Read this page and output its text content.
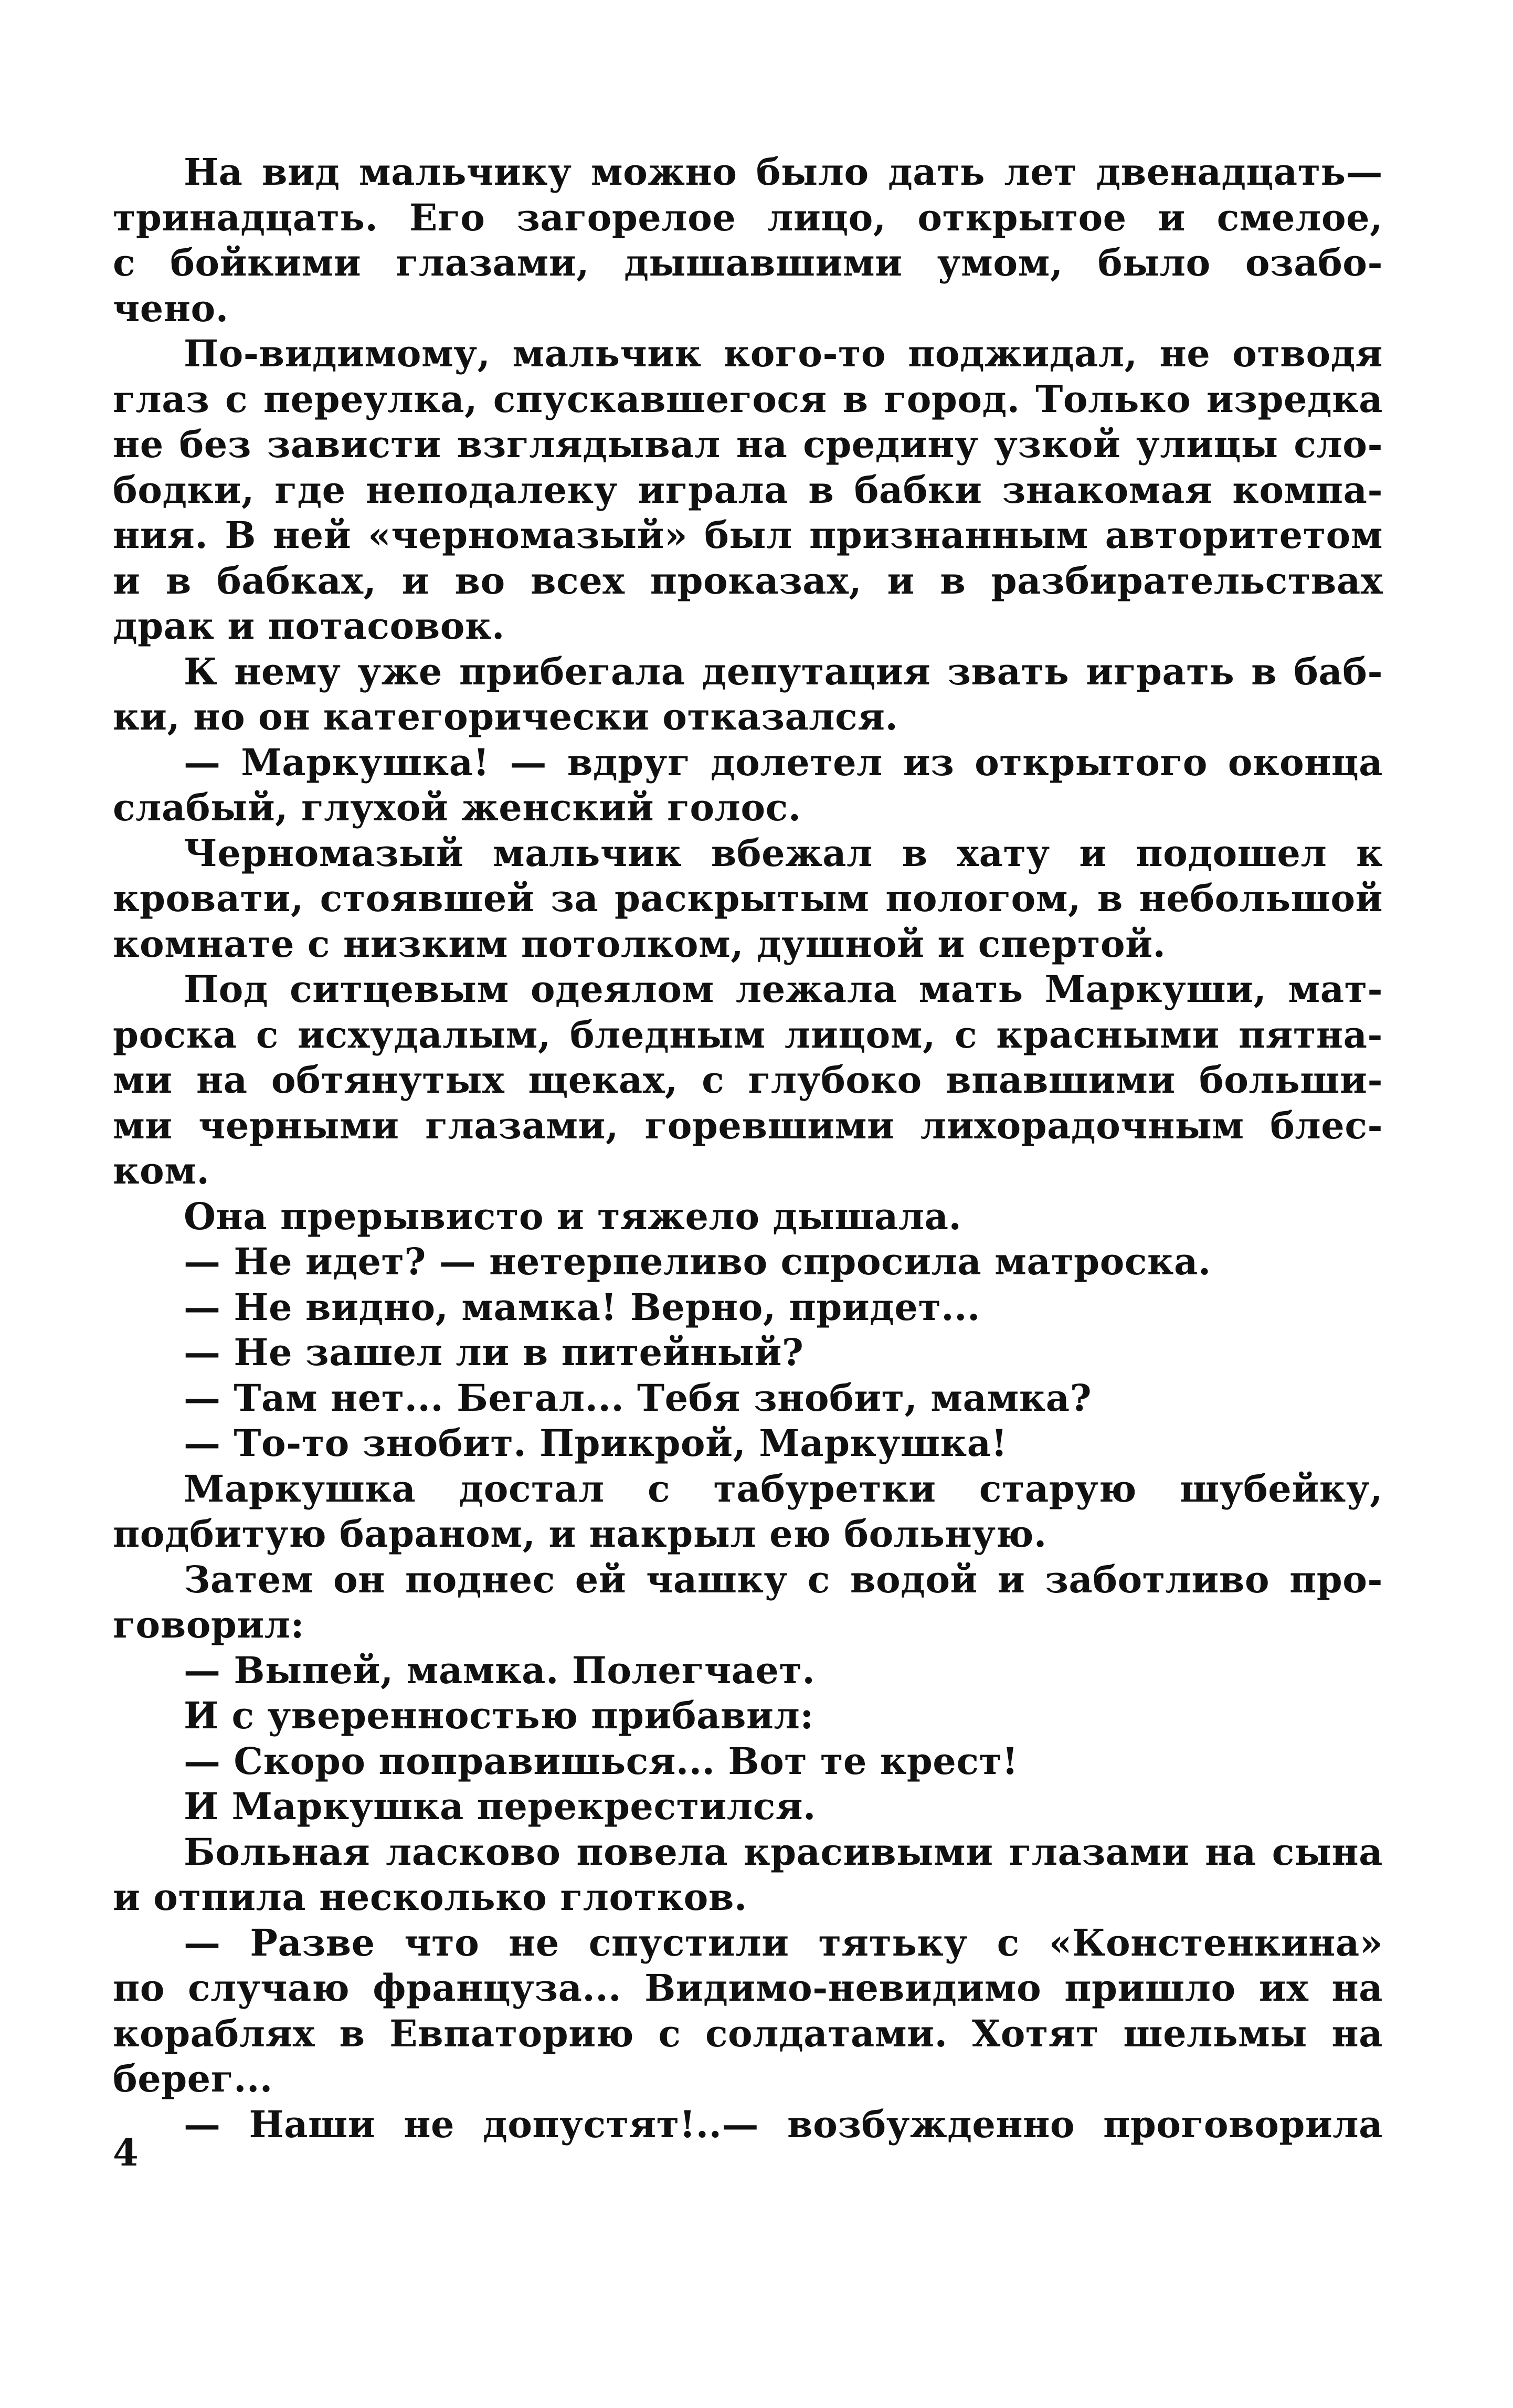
На вид мальчику можно было дать лет двенадцать—
тринадцать. Его загорелое лицо, открытое и смелое,
с бойкими глазами, дышавшими умом, было озабо-
чено.
По-видимому, мальчик кого-то поджидал, не отводя
глаз с переулка, спускавшегося в город. Только изредка
не без зависти взглядывал на средину узкой улицы сло-
бодки, где неподалеку играла в бабки знакомая компа-
ния. В ней «черномазый» был признанным авторитетом
и в бабках, и во всех проказах, и в разбирательствах
драк и потасовок.
К нему уже прибегала депутация звать играть в баб-
ки, но он категорически отказался.
— Маркушка! — вдруг долетел из открытого оконца
слабый, глухой женский голос.
Черномазый мальчик вбежал в хату и подошел к
кровати, стоявшей за раскрытым пологом, в небольшой
комнате с низким потолком, душной и спертой.
Под ситцевым одеялом лежала мать Маркуши, мат-
роска с исхудалым, бледным лицом, с красными пятна-
ми на обтянутых щеках, с глубоко впавшими больши-
ми черными глазами, горевшими лихорадочным блес-
ком.
Она прерывисто и тяжело дышала.
— Не идет? — нетерпеливо спросила матроска.
— Не видно, мамка! Верно, придет...
— Не зашел ли в питейный?
— Там нет... Бегал... Тебя знобит, мамка?
— То-то знобит. Прикрой, Маркушка!
Маркушка достал с табуретки старую шубейку,
подбитую бараном, и накрыл ею больную.
Затем он поднес ей чашку с водой и заботливо про-
говорил:
— Выпей, мамка. Полегчает.
И с уверенностью прибавил:
— Скоро поправишься... Вот те крест!
И Маркушка перекрестился.
Больная ласково повела красивыми глазами на сына
и отпила несколько глотков.
— Разве что не спустили тятьку с «Констенкина»
по случаю француза... Видимо-невидимо пришло их на
кораблях в Евпаторию с солдатами. Хотят шельмы на
берег...
— Наши не допустят!..— возбужденно проговорила
4
